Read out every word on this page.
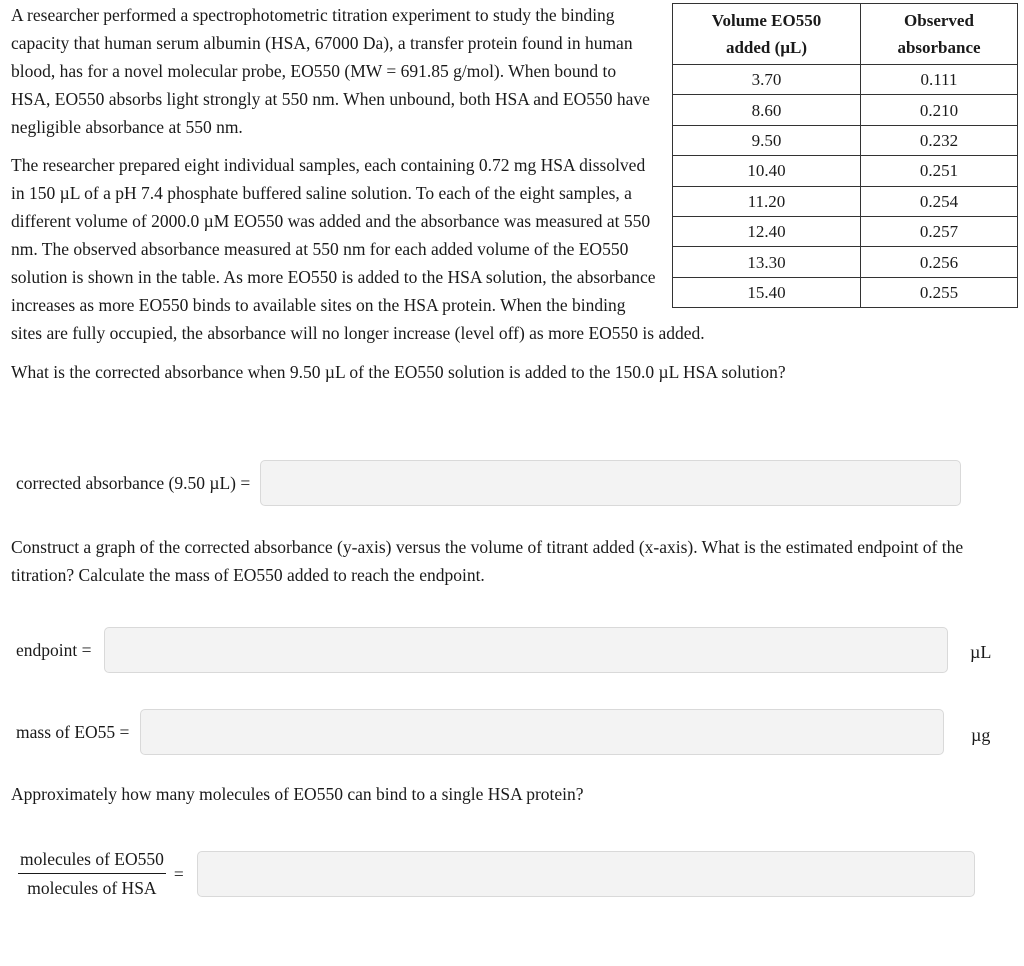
Volume EO550
added (µL)	Observed
absorbance
3.70	0.111
8.60	0.210
9.50	0.232
10.40	0.251
11.20	0.254
12.40	0.257
13.30	0.256
15.40	0.255

A researcher performed a spectrophotometric titration experiment to study the binding capacity that human serum albumin (HSA, 67000 Da), a transfer protein found in human blood, has for a novel molecular probe, EO550 (MW = 691.85 g/mol). When bound to HSA, EO550 absorbs light strongly at 550 nm. When unbound, both HSA and EO550 have negligible absorbance at 550 nm.

The researcher prepared eight individual samples, each containing 0.72 mg HSA dissolved in 150 µL of a pH 7.4 phosphate buffered saline solution. To each of the eight samples, a different volume of 2000.0 µM EO550 was added and the absorbance was measured at 550 nm. The observed absorbance measured at 550 nm for each added volume of the EO550 solution is shown in the table. As more EO550 is added to the HSA solution, the absorbance increases as more EO550 binds to available sites on the HSA protein. When the binding sites are fully occupied, the absorbance will no longer increase (level off) as more EO550 is added.

What is the corrected absorbance when 9.50 µL of the EO550 solution is added to the 150.0 µL HSA solution?

corrected absorbance (9.50 µL) =

Construct a graph of the corrected absorbance (y-axis) versus the volume of titrant added (x-axis). What is the estimated endpoint of the titration? Calculate the mass of EO550 added to reach the endpoint.

endpoint =	µL
mass of EO55 =	µg

Approximately how many molecules of EO550 can bind to a single HSA protein?

$\frac{\text{molecules of EO550}}{\text{molecules of HSA}}$ =
